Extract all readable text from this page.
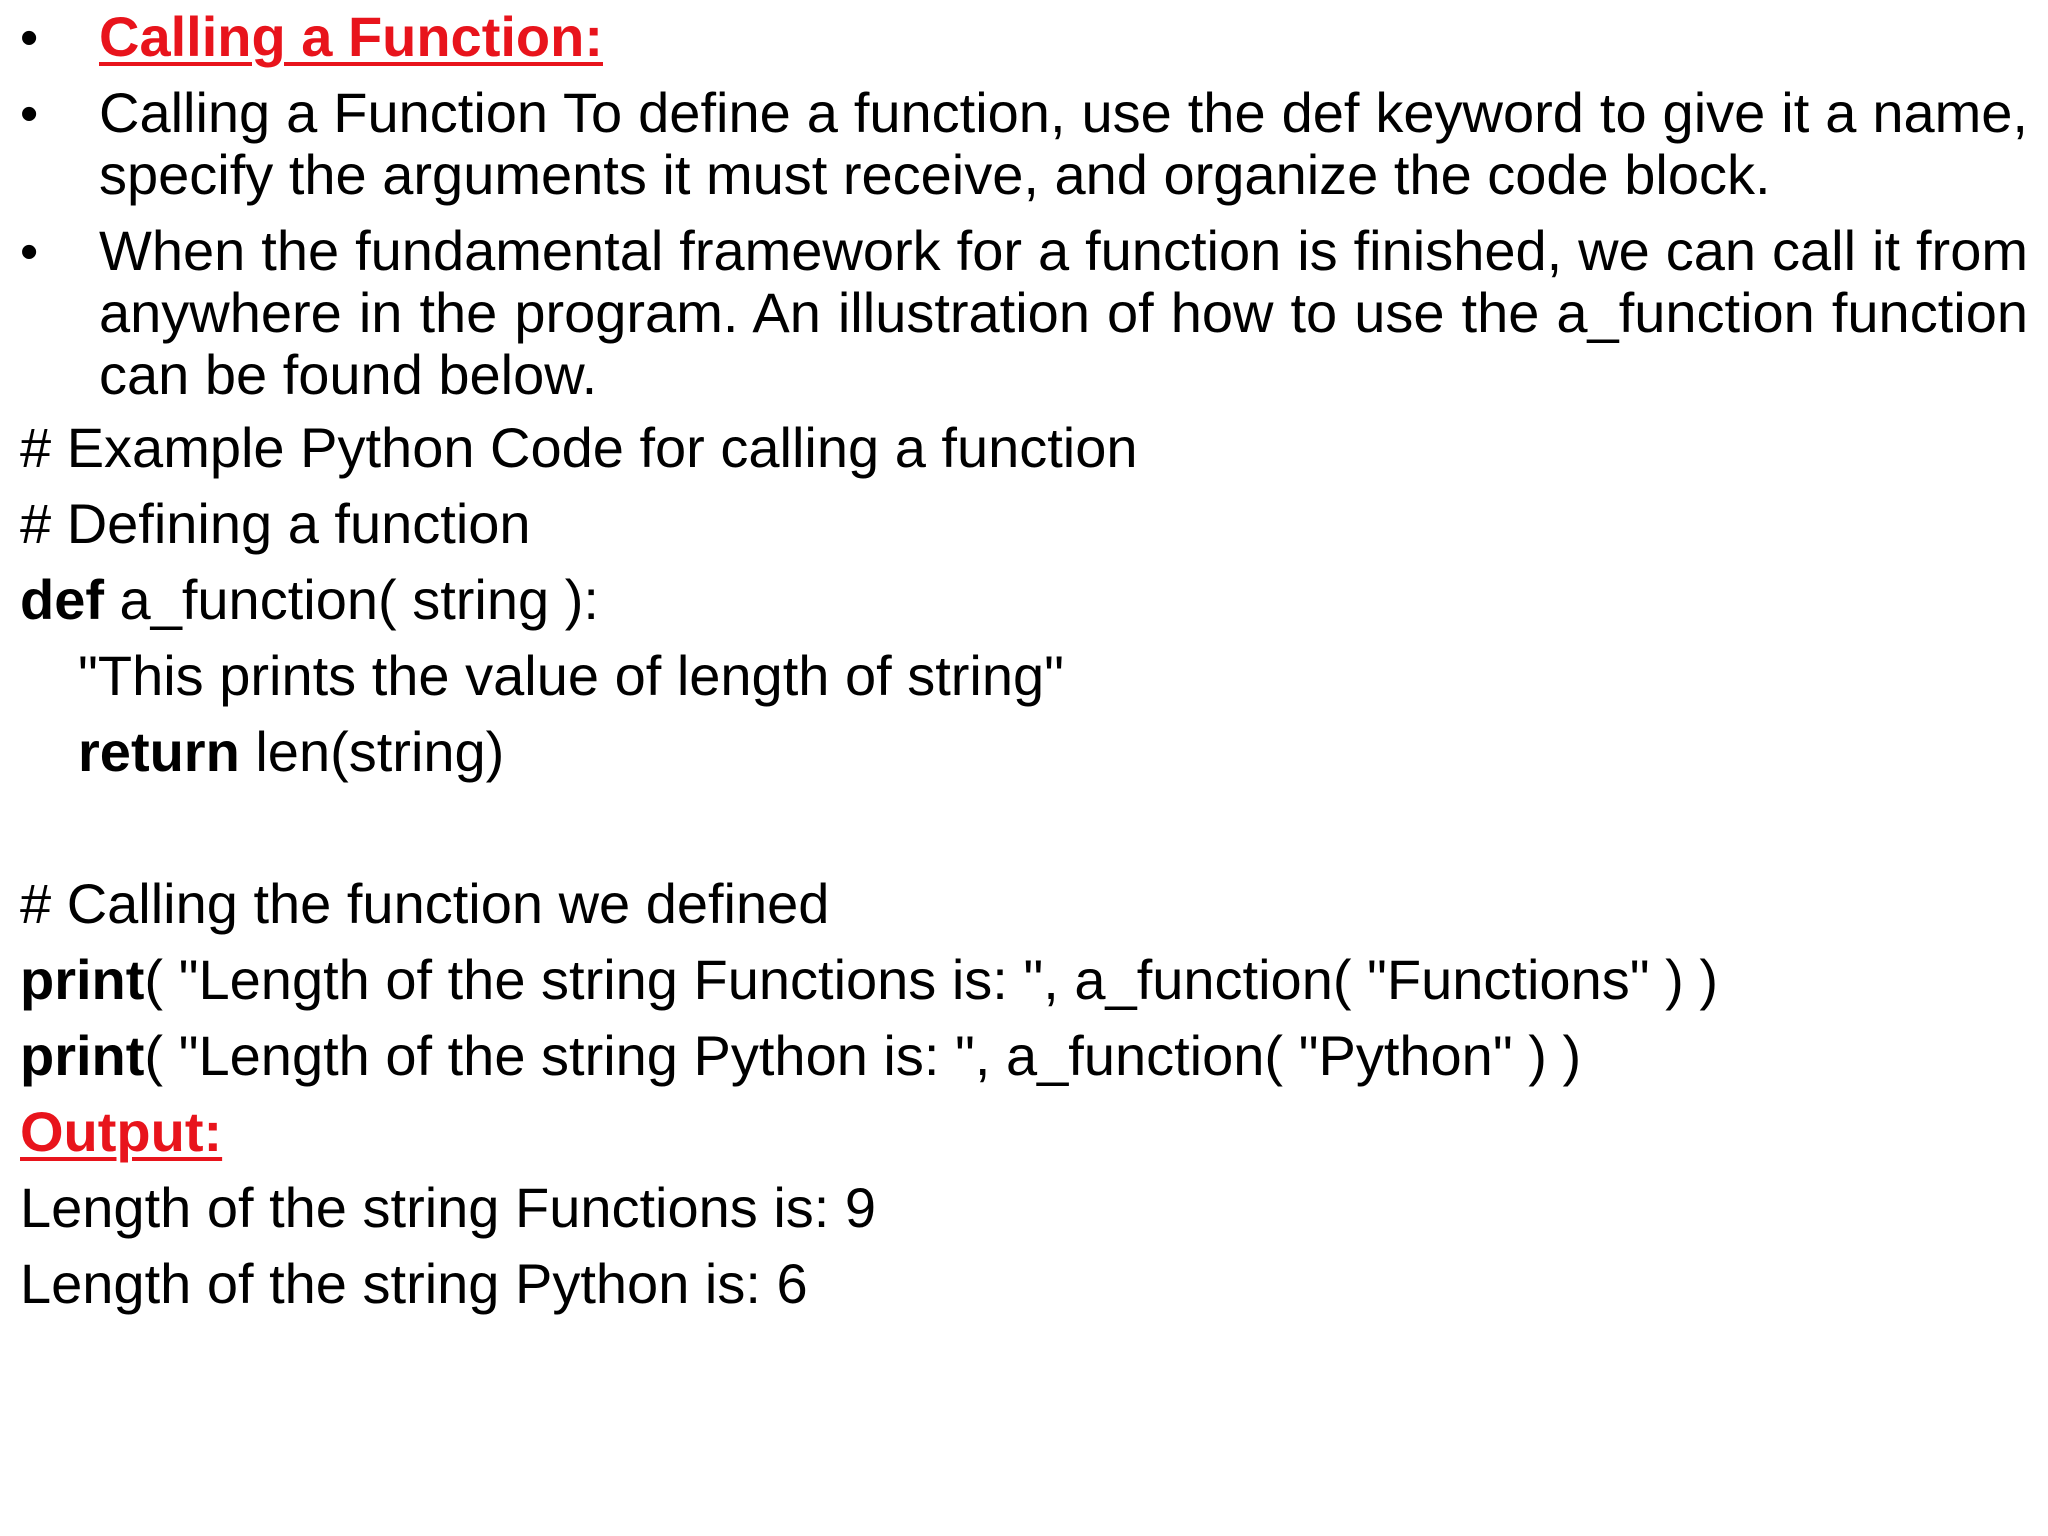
• Calling a Function:
• Calling a Function To define a function, use the def keyword to give it a name, specify the arguments it must receive, and organize the code block.
• When the fundamental framework for a function is finished, we can call it from anywhere in the program. An illustration of how to use the a_function function can be found below.
# Example Python Code for calling a function
# Defining a function
def a_function( string ):
"This prints the value of length of string"
return len(string)
# Calling the function we defined
print( "Length of the string Functions is: ", a_function( "Functions" ) )
print( "Length of the string Python is: ", a_function( "Python" ) )
Output:
Length of the string Functions is: 9
Length of the string Python is: 6
